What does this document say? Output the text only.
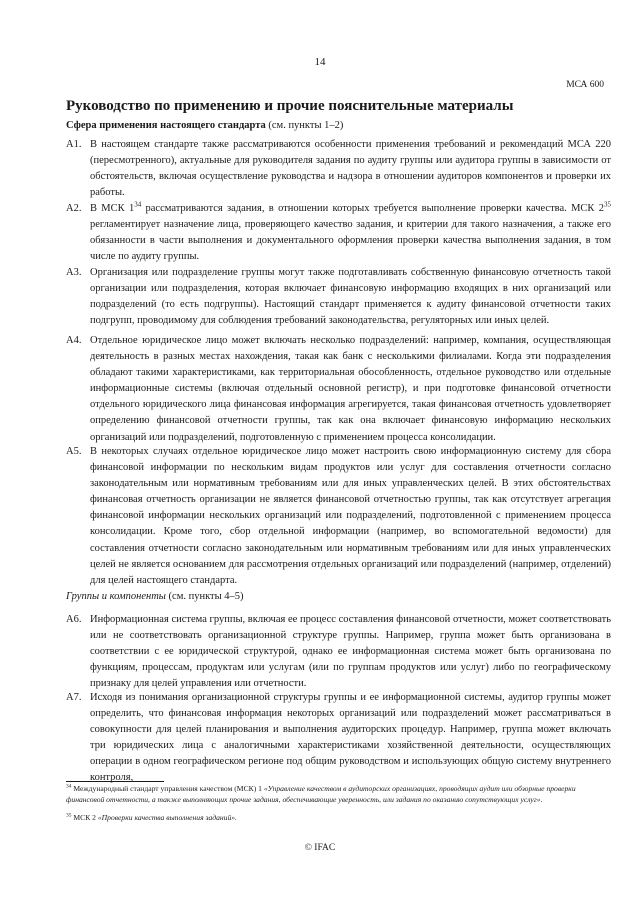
14
МСА 600
Руководство по применению и прочие пояснительные материалы
Сфера применения настоящего стандарта (см. пункты 1–2)
A1. В настоящем стандарте также рассматриваются особенности применения требований и рекомендаций МСА 220 (пересмотренного), актуальные для руководителя задания по аудиту группы или аудитора группы в зависимости от обстоятельств, включая осуществление руководства и надзора в отношении аудиторов компонентов и проверки их работы.
A2. В МСК $1^{34}$ рассматриваются задания, в отношении которых требуется выполнение проверки качества. МСК $2^{35}$ регламентирует назначение лица, проверяющего качество задания, и критерии для такого назначения, а также его обязанности в части выполнения и документального оформления проверки качества выполнения задания, в том числе по аудиту группы.
A3. Организация или подразделение группы могут также подготавливать собственную финансовую отчетность такой организации или подразделения, которая включает финансовую информацию входящих в них организаций или подразделений (то есть подгруппы). Настоящий стандарт применяется к аудиту финансовой отчетности таких подгрупп, проводимому для соблюдения требований законодательства, регуляторных или иных целей.
A4. Отдельное юридическое лицо может включать несколько подразделений: например, компания, осуществляющая деятельность в разных местах нахождения, такая как банк с несколькими филиалами. Когда эти подразделения обладают такими характеристиками, как территориальная обособленность, отдельное руководство или отдельные информационные системы (включая отдельный основной регистр), и при подготовке финансовой отчетности отдельного юридического лица финансовая информация агрегируется, такая финансовая отчетность удовлетворяет определению финансовой отчетности группы, так как она включает финансовую информацию нескольких организаций или подразделений, подготовленную с применением процесса консолидации.
A5. В некоторых случаях отдельное юридическое лицо может настроить свою информационную систему для сбора финансовой информации по нескольким видам продуктов или услуг для составления отчетности согласно законодательным или нормативным требованиям или для иных управленческих целей. В этих обстоятельствах финансовая отчетность организации не является финансовой отчетностью группы, так как отсутствует агрегация финансовой информации нескольких организаций или подразделений, подготовленной с применением процесса консолидации. Кроме того, сбор отдельной информации (например, во вспомогательной ведомости) для составления отчетности согласно законодательным или нормативным требованиям или для иных управленческих целей не является основанием для рассмотрения отдельных организаций или подразделений (например, отделений) для целей настоящего стандарта.
Группы и компоненты (см. пункты 4–5)
A6. Информационная система группы, включая ее процесс составления финансовой отчетности, может соответствовать или не соответствовать организационной структуре группы. Например, группа может быть организована в соответствии с ее юридической структурой, однако ее информационная система может быть организована по функциям, процессам, продуктам или услугам (или по группам продуктов или услуг) либо по географическому признаку для целей управления или отчетности.
A7. Исходя из понимания организационной структуры группы и ее информационной системы, аудитор группы может определить, что финансовая информация некоторых организаций или подразделений может рассматриваться в совокупности для целей планирования и выполнения аудиторских процедур. Например, группа может включать три юридических лица с аналогичными характеристиками хозяйственной деятельности, осуществляющих операции в одном географическом регионе под общим руководством и использующих общую систему внутреннего контроля,
$^{34}$ Международный стандарт управления качеством (МСК) 1 «Управление качеством в аудиторских организациях, проводящих аудит или обзорные проверки финансовой отчетности, а также выполняющих прочие задания, обеспечивающие уверенность, или задания по оказанию сопутствующих услуг».
$^{35}$ МСК 2 «Проверки качества выполнения заданий».
© IFAC
